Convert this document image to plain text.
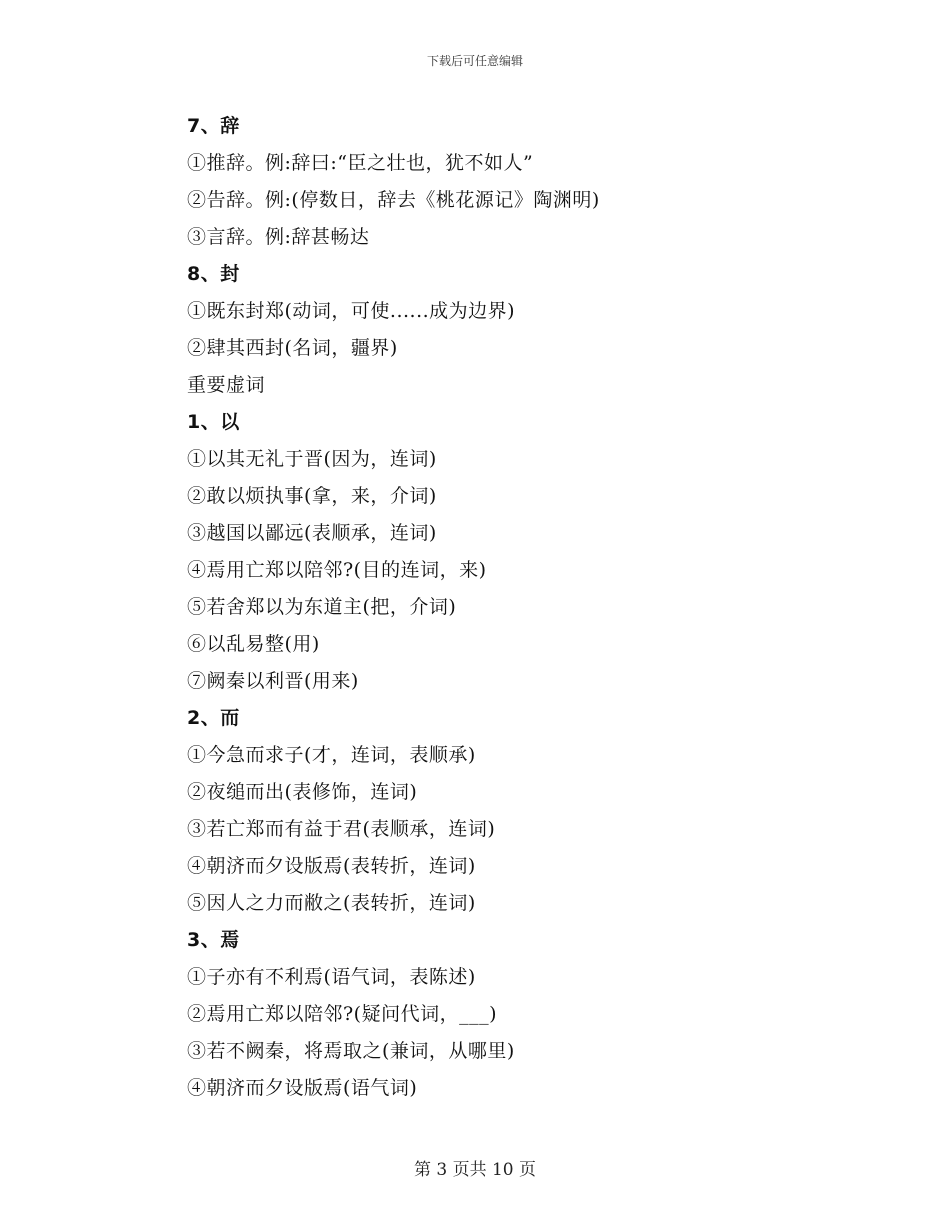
下载后可任意编辑
7、辞
①推辞。例:辞曰:“臣之壮也，犹不如人”
②告辞。例:(停数日，辞去《桃花源记》陶渊明)
③言辞。例:辞甚畅达
8、封
①既东封郑(动词，可使......成为边界)
②肆其西封(名词，疆界)
重要虚词
1、以
①以其无礼于晋(因为，连词)
②敢以烦执事(拿，来，介词)
③越国以鄙远(表顺承，连词)
④焉用亡郑以陪邻?(目的连词，来)
⑤若舍郑以为东道主(把，介词)
⑥以乱易整(用)
⑦阙秦以利晋(用来)
2、而
①今急而求子(才，连词，表顺承)
②夜缒而出(表修饰，连词)
③若亡郑而有益于君(表顺承，连词)
④朝济而夕设版焉(表转折，连词)
⑤因人之力而敝之(表转折，连词)
3、焉
①子亦有不利焉(语气词，表陈述)
②焉用亡郑以陪邻?(疑问代词，___)
③若不阙秦，将焉取之(兼词，从哪里)
④朝济而夕设版焉(语气词)
第 3 页共 10 页
